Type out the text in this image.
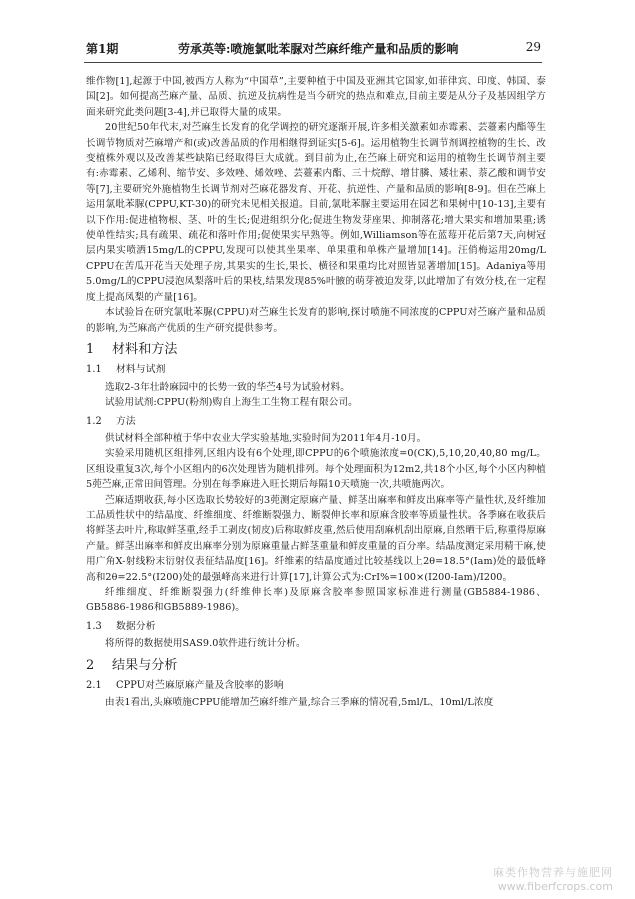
第1期	劳承英等:喷施氯吡苯脲对苎麻纤维产量和品质的影响	29

维作物[1],起源于中国,被西方人称为“中国草”,主要种植于中国及亚洲其它国家,如菲律宾、印度、韩国、泰国[2]。如何提高苎麻产量、品质、抗逆及抗病性是当今研究的热点和难点,目前主要是从分子及基因组学方面来研究此类问题[3-4],并已取得大量的成果。

20世纪50年代末,对苎麻生长发育的化学调控的研究逐渐开展,许多相关激素如赤霉素、芸薹素内酯等生长调节物质对苎麻增产和(或)改善品质的作用相继得到证实[5-6]。运用植物生长调节剂调控植物的生长、改变植株外观以及改善某些缺陷已经取得巨大成就。到目前为止,在苎麻上研究和运用的植物生长调节剂主要有:赤霉素、乙烯利、缩节安、多效唑、烯效唑、芸薹素内酯、三十烷醇、增甘膦、矮壮素、萘乙酸和调节安等[7],主要研究外施植物生长调节剂对苎麻花器发育、开花、抗逆性、产量和品质的影响[8-9]。但在苎麻上运用氯吡苯脲(CPPU,KT-30)的研究未见相关报道。目前,氯吡苯脲主要运用在园艺和果树中[10-13],主要有以下作用:促进植物根、茎、叶的生长;促进组织分化;促进生物发芽座果、抑制落花;增大果实和增加果重;诱使单性结实;具有疏果、疏花和落叶作用;促使果实早熟等。例如,Williamson等在蓝莓开花后第7天,向树冠层内果实喷洒15mg/L的CPPU,发现可以使其坐果率、单果重和单株产量增加[14]。汪俏梅运用20mg/L CPPU在苦瓜开花当天处理子房,其果实的生长,果长、横径和果重均比对照皆显著增加[15]。Adaniya等用5.0mg/L的CPPU浸泡凤梨落叶后的果枝,结果发现85%叶腋的萌芽被迫发芽,以此增加了有效分枝,在一定程度上提高凤梨的产量[16]。

本试验旨在研究氯吡苯脲(CPPU)对苎麻生长发育的影响,探讨喷施不同浓度的CPPU对苎麻产量和品质的影响,为苎麻高产优质的生产研究提供参考。

1 材料和方法
1.1 材料与试剂

选取2-3年壮龄麻园中的长势一致的华苎4号为试验材料。

试验用试剂:CPPU(粉剂)购自上海生工生物工程有限公司。

1.2 方法

供试材料全部种植于华中农业大学实验基地,实验时间为2011年4月-10月。

实验采用随机区组排列,区组内设有6个处理,即CPPU的6个喷施浓度=0(CK),5,10,20,40,80 mg/L。区组设重复3次,每个小区组内的6次处理皆为随机排列。每个处理面积为12m2,共18个小区,每个小区内种植5蔸苎麻,正常田间管理。分别在每季麻进入旺长期后每隔10天喷施一次,共喷施两次。

苎麻适期收获,每小区选取长势较好的3蔸测定原麻产量、鲜茎出麻率和鲜皮出麻率等产量性状,及纤维加工品质性状中的结晶度、纤维细度、纤维断裂强力、断裂伸长率和原麻含胶率等质量性状。各季麻在收获后将鲜茎去叶片,称取鲜茎重,经手工剥皮(韧皮)后称取鲜皮重,然后使用刮麻机刮出原麻,自然晒干后,称重得原麻产量。鲜茎出麻率和鲜皮出麻率分别为原麻重量占鲜茎重量和鲜皮重量的百分率。结晶度测定采用精干麻,使用广角X-射线粉末衍射仪表征结晶度[16]。纤维素的结晶度通过比较基线以上2θ=18.5°(Iam)处的最低峰高和2θ=22.5°(I200)处的最强峰高来进行计算[17],计算公式为:CrI%=100×(I200-Iam)/I200。

纤维细度、纤维断裂强力(纤维伸长率)及原麻含胶率参照国家标准进行测量(GB5884-1986、GB5886-1986和GB5889-1986)。

1.3 数据分析

将所得的数据使用SAS9.0软件进行统计分析。

2 结果与分析
2.1 CPPU对苎麻原麻产量及含胶率的影响

由表1看出,头麻喷施CPPU能增加苎麻纤维产量,综合三季麻的情况看,5ml/L、10ml/L浓度

麻类作物营养与施肥网
www.fiberfcrops.com
